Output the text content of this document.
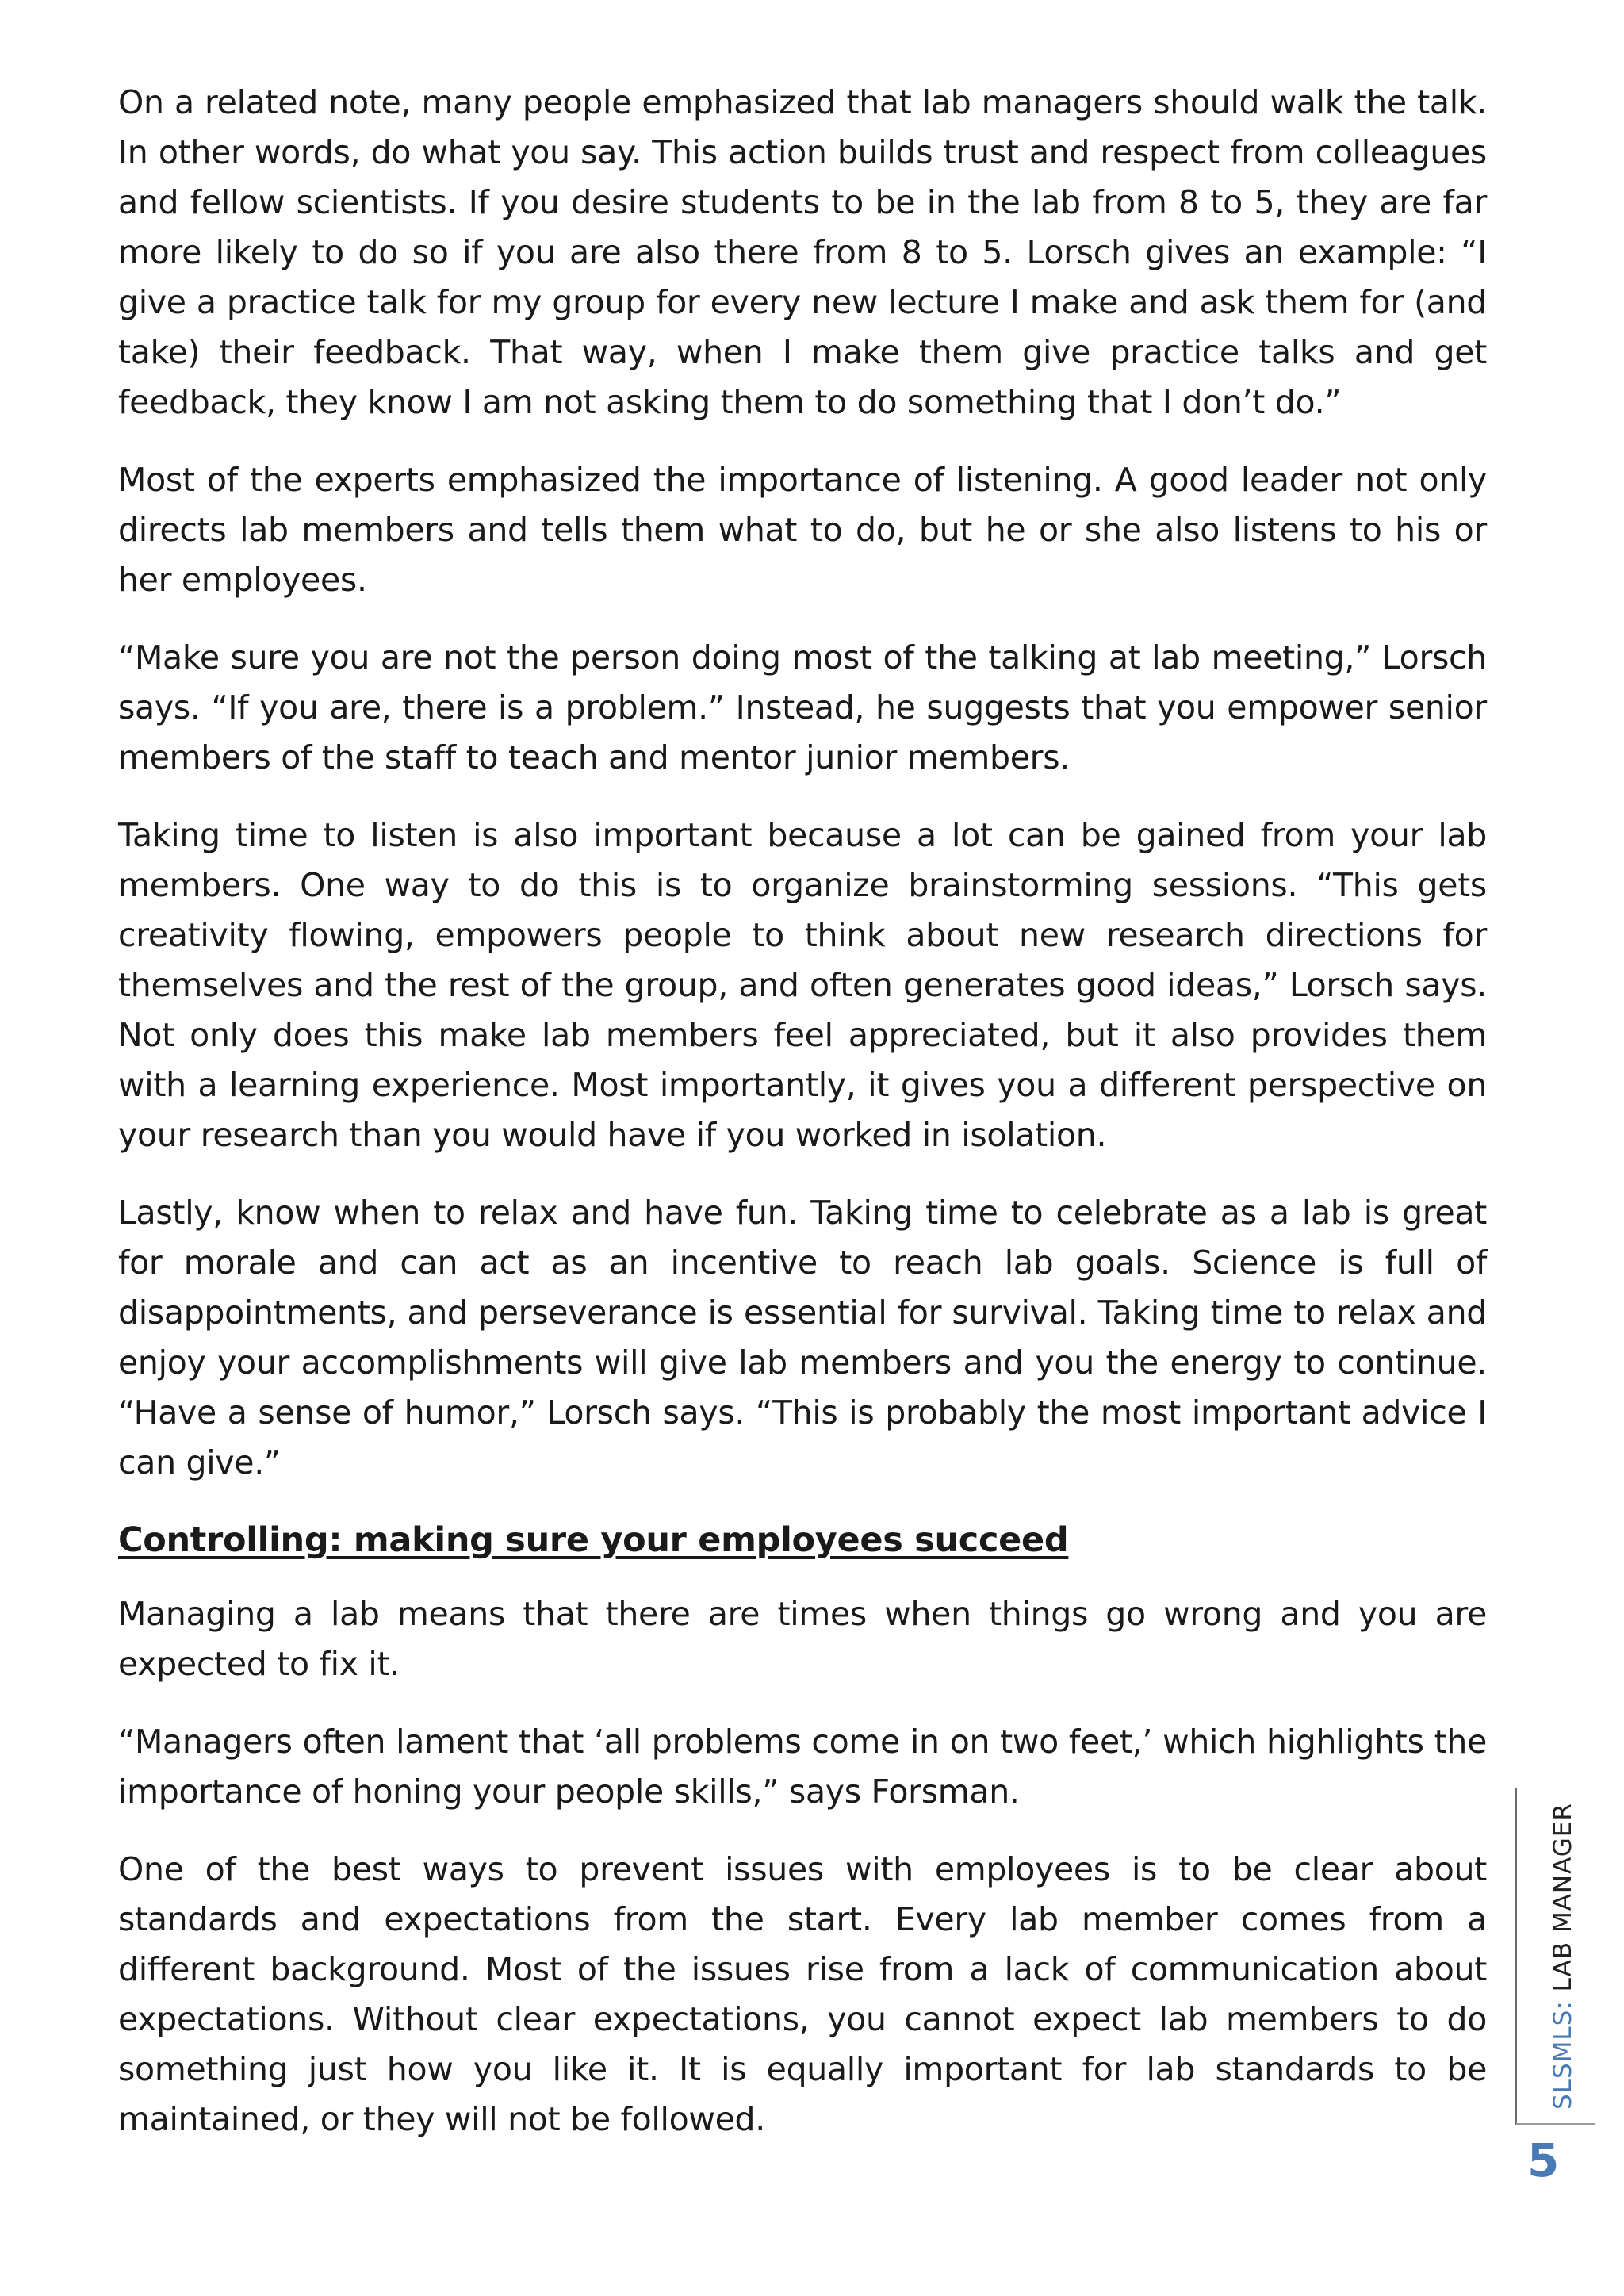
On a related note, many people emphasized that lab managers should walk the talk. In other words, do what you say. This action builds trust and respect from colleagues and fellow scientists. If you desire students to be in the lab from 8 to 5, they are far more likely to do so if you are also there from 8 to 5. Lorsch gives an example: “I give a practice talk for my group for every new lecture I make and ask them for (and take) their feedback. That way, when I make them give practice talks and get feedback, they know I am not asking them to do something that I don’t do.”

Most of the experts emphasized the importance of listening. A good leader not only directs lab members and tells them what to do, but he or she also listens to his or her employees.

“Make sure you are not the person doing most of the talking at lab meeting,” Lorsch says. “If you are, there is a problem.” Instead, he suggests that you empower senior members of the staff to teach and mentor junior members.

Taking time to listen is also important because a lot can be gained from your lab members. One way to do this is to organize brainstorming sessions. “This gets creativity flowing, empowers people to think about new research directions for themselves and the rest of the group, and often generates good ideas,” Lorsch says. Not only does this make lab members feel appreciated, but it also provides them with a learning experience. Most importantly, it gives you a different perspective on your research than you would have if you worked in isolation.

Lastly, know when to relax and have fun. Taking time to celebrate as a lab is great for morale and can act as an incentive to reach lab goals. Science is full of disappointments, and perseverance is essential for survival. Taking time to relax and enjoy your accomplishments will give lab members and you the energy to continue. “Have a sense of humor,” Lorsch says. “This is probably the most important advice I can give.”

Controlling: making sure your employees succeed

Managing a lab means that there are times when things go wrong and you are expected to fix it.

“Managers often lament that ‘all problems come in on two feet,’ which highlights the importance of honing your people skills,” says Forsman.

One of the best ways to prevent issues with employees is to be clear about standards and expectations from the start. Every lab member comes from a different background. Most of the issues rise from a lack of communication about expectations. Without clear expectations, you cannot expect lab members to do something just how you like it. It is equally important for lab standards to be maintained, or they will not be followed.

SLSMLS: LAB MANAGER
5
